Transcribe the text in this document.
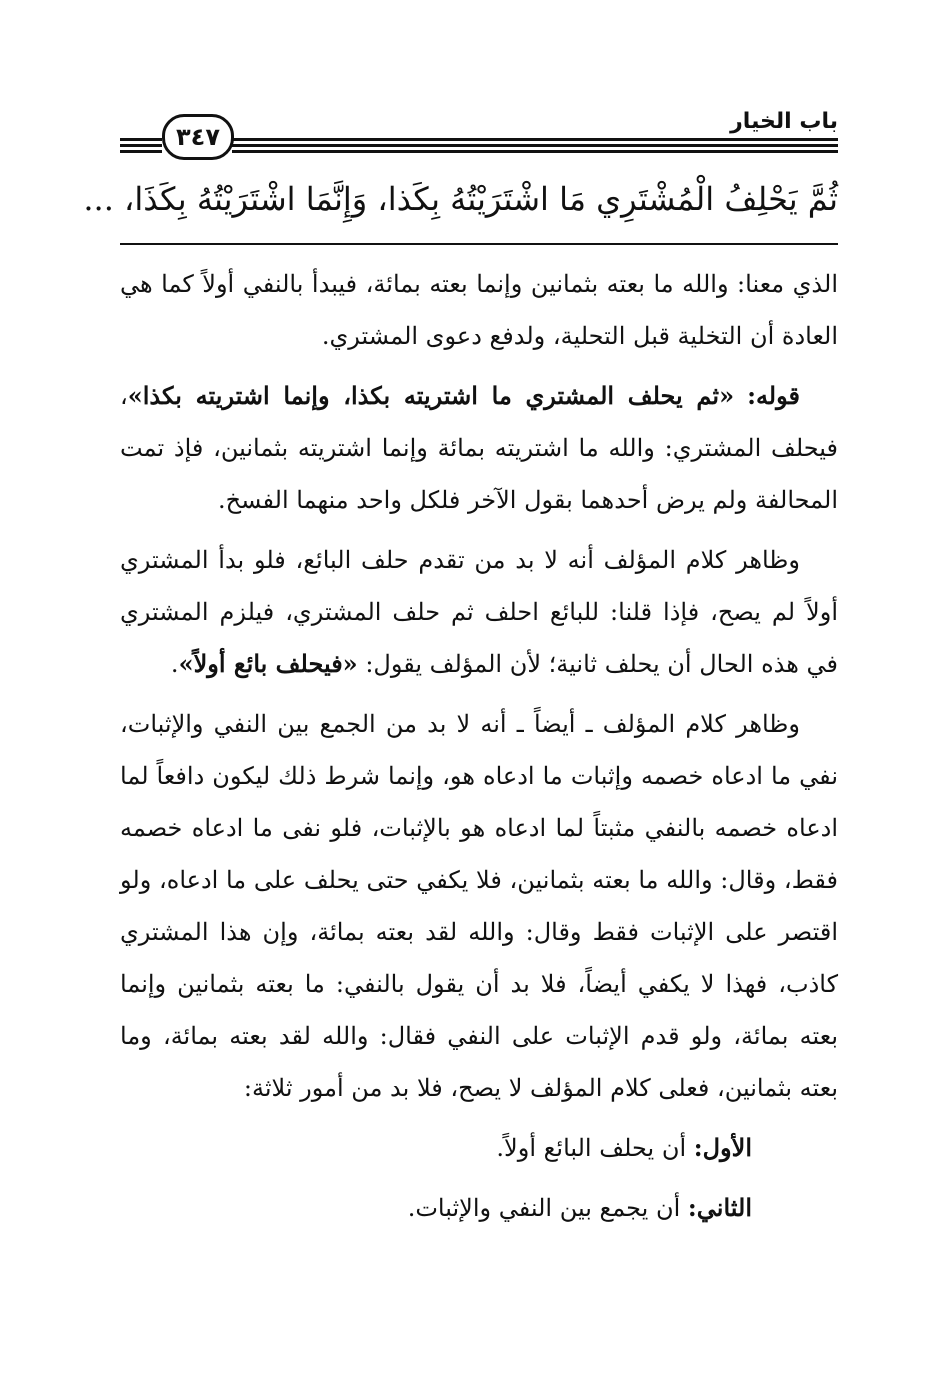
٣٤٧
باب الخيار
ثُمَّ يَحْلِفُ الْمُشْتَرِي مَا اشْتَرَيْتُهُ بِكَذا، وَإِنَّمَا اشْتَرَيْتُهُ بِكَذَا، ...

الذي معنا: والله ما بعته بثمانين وإنما بعته بمائة، فيبدأ بالنفي أولاً كما هي العادة أن التخلية قبل التحلية، ولدفع دعوى المشتري.

قوله: «ثم يحلف المشتري ما اشتريته بكذا، وإنما اشتريته بكذا»، فيحلف المشتري: والله ما اشتريته بمائة وإنما اشتريته بثمانين، فإذ تمت المحالفة ولم يرض أحدهما بقول الآخر فلكل واحد منهما الفسخ.

وظاهر كلام المؤلف أنه لا بد من تقدم حلف البائع، فلو بدأ المشتري أولاً لم يصح، فإذا قلنا: للبائع احلف ثم حلف المشتري، فيلزم المشتري في هذه الحال أن يحلف ثانية؛ لأن المؤلف يقول: «فيحلف بائع أولاً».

وظاهر كلام المؤلف ـ أيضاً ـ أنه لا بد من الجمع بين النفي والإثبات، نفي ما ادعاه خصمه وإثبات ما ادعاه هو، وإنما شرط ذلك ليكون دافعاً لما ادعاه خصمه بالنفي مثبتاً لما ادعاه هو بالإثبات، فلو نفى ما ادعاه خصمه فقط، وقال: والله ما بعته بثمانين، فلا يكفي حتى يحلف على ما ادعاه، ولو اقتصر على الإثبات فقط وقال: والله لقد بعته بمائة، وإن هذا المشتري كاذب، فهذا لا يكفي أيضاً، فلا بد أن يقول بالنفي: ما بعته بثمانين وإنما بعته بمائة، ولو قدم الإثبات على النفي فقال: والله لقد بعته بمائة، وما بعته بثمانين، فعلى كلام المؤلف لا يصح، فلا بد من أمور ثلاثة:

الأول: أن يحلف البائع أولاً.

الثاني: أن يجمع بين النفي والإثبات.
